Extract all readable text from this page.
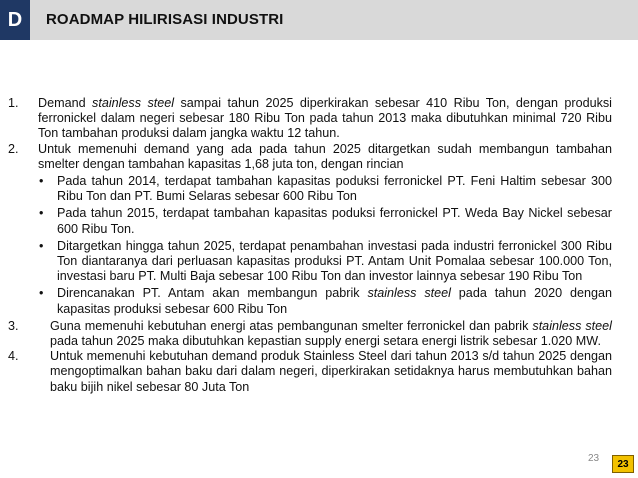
D	ROADMAP HILIRISASI INDUSTRI
1.	Demand stainless steel sampai tahun 2025 diperkirakan sebesar 410 Ribu Ton, dengan produksi ferronickel dalam negeri sebesar 180 Ribu Ton pada tahun 2013 maka dibutuhkan minimal 720 Ribu Ton tambahan produksi dalam jangka waktu 12 tahun.
2.	Untuk memenuhi demand yang ada pada tahun 2025 ditargetkan sudah membangun tambahan smelter dengan tambahan kapasitas 1,68 juta ton, dengan rincian
•	Pada tahun 2014, terdapat tambahan kapasitas poduksi ferronickel PT. Feni Haltim sebesar 300 Ribu Ton dan PT. Bumi Selaras sebesar 600 Ribu Ton
•	Pada tahun 2015, terdapat tambahan kapasitas poduksi ferronickel PT. Weda Bay Nickel sebesar 600 Ribu Ton.
•	Ditargetkan hingga tahun 2025, terdapat penambahan investasi pada industri ferronickel 300 Ribu Ton diantaranya dari perluasan kapasitas produksi PT. Antam Unit Pomalaa sebesar 100.000 Ton, investasi baru PT. Multi Baja sebesar 100 Ribu Ton dan investor lainnya sebesar 190 Ribu Ton
•	Direncanakan PT. Antam akan membangun pabrik stainless steel pada tahun 2020 dengan kapasitas produksi sebesar 600 Ribu Ton
3.	Guna memenuhi kebutuhan energi atas pembangunan smelter ferronickel dan pabrik stainless steel pada tahun 2025 maka dibutuhkan kepastian supply energi setara energi listrik sebesar 1.020 MW.
4.	Untuk memenuhi kebutuhan demand produk Stainless Steel dari tahun 2013 s/d tahun 2025 dengan mengoptimalkan bahan baku dari dalam negeri, diperkirakan setidaknya harus membutuhkan bahan baku bijih nikel sebesar 80 Juta Ton
23	23
